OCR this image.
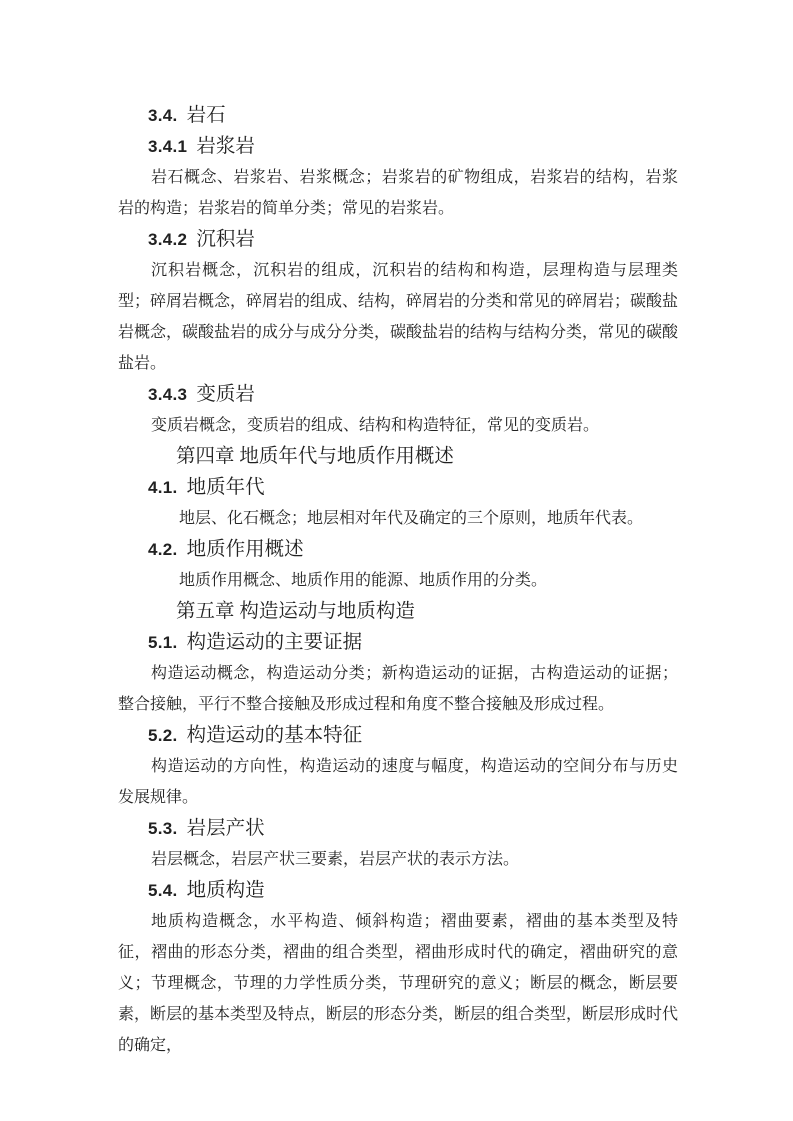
3.4. 岩石
3.4.1 岩浆岩

岩石概念、岩浆岩、岩浆概念；岩浆岩的矿物组成，岩浆岩的结构，岩浆岩的构造；岩浆岩的简单分类；常见的岩浆岩。

3.4.2 沉积岩

沉积岩概念，沉积岩的组成，沉积岩的结构和构造，层理构造与层理类型；碎屑岩概念，碎屑岩的组成、结构，碎屑岩的分类和常见的碎屑岩；碳酸盐岩概念，碳酸盐岩的成分与成分分类，碳酸盐岩的结构与结构分类，常见的碳酸盐岩。

3.4.3 变质岩

变质岩概念，变质岩的组成、结构和构造特征，常见的变质岩。

第四章 地质年代与地质作用概述
4.1. 地质年代

地层、化石概念；地层相对年代及确定的三个原则，地质年代表。

4.2. 地质作用概述

地质作用概念、地质作用的能源、地质作用的分类。

第五章 构造运动与地质构造
5.1. 构造运动的主要证据

构造运动概念，构造运动分类；新构造运动的证据，古构造运动的证据；整合接触，平行不整合接触及形成过程和角度不整合接触及形成过程。

5.2. 构造运动的基本特征

构造运动的方向性，构造运动的速度与幅度，构造运动的空间分布与历史发展规律。

5.3. 岩层产状

岩层概念，岩层产状三要素，岩层产状的表示方法。

5.4. 地质构造

地质构造概念，水平构造、倾斜构造；褶曲要素，褶曲的基本类型及特征，褶曲的形态分类，褶曲的组合类型，褶曲形成时代的确定，褶曲研究的意义；节理概念，节理的力学性质分类，节理研究的意义；断层的概念，断层要素，断层的基本类型及特点，断层的形态分类，断层的组合类型，断层形成时代的确定，
